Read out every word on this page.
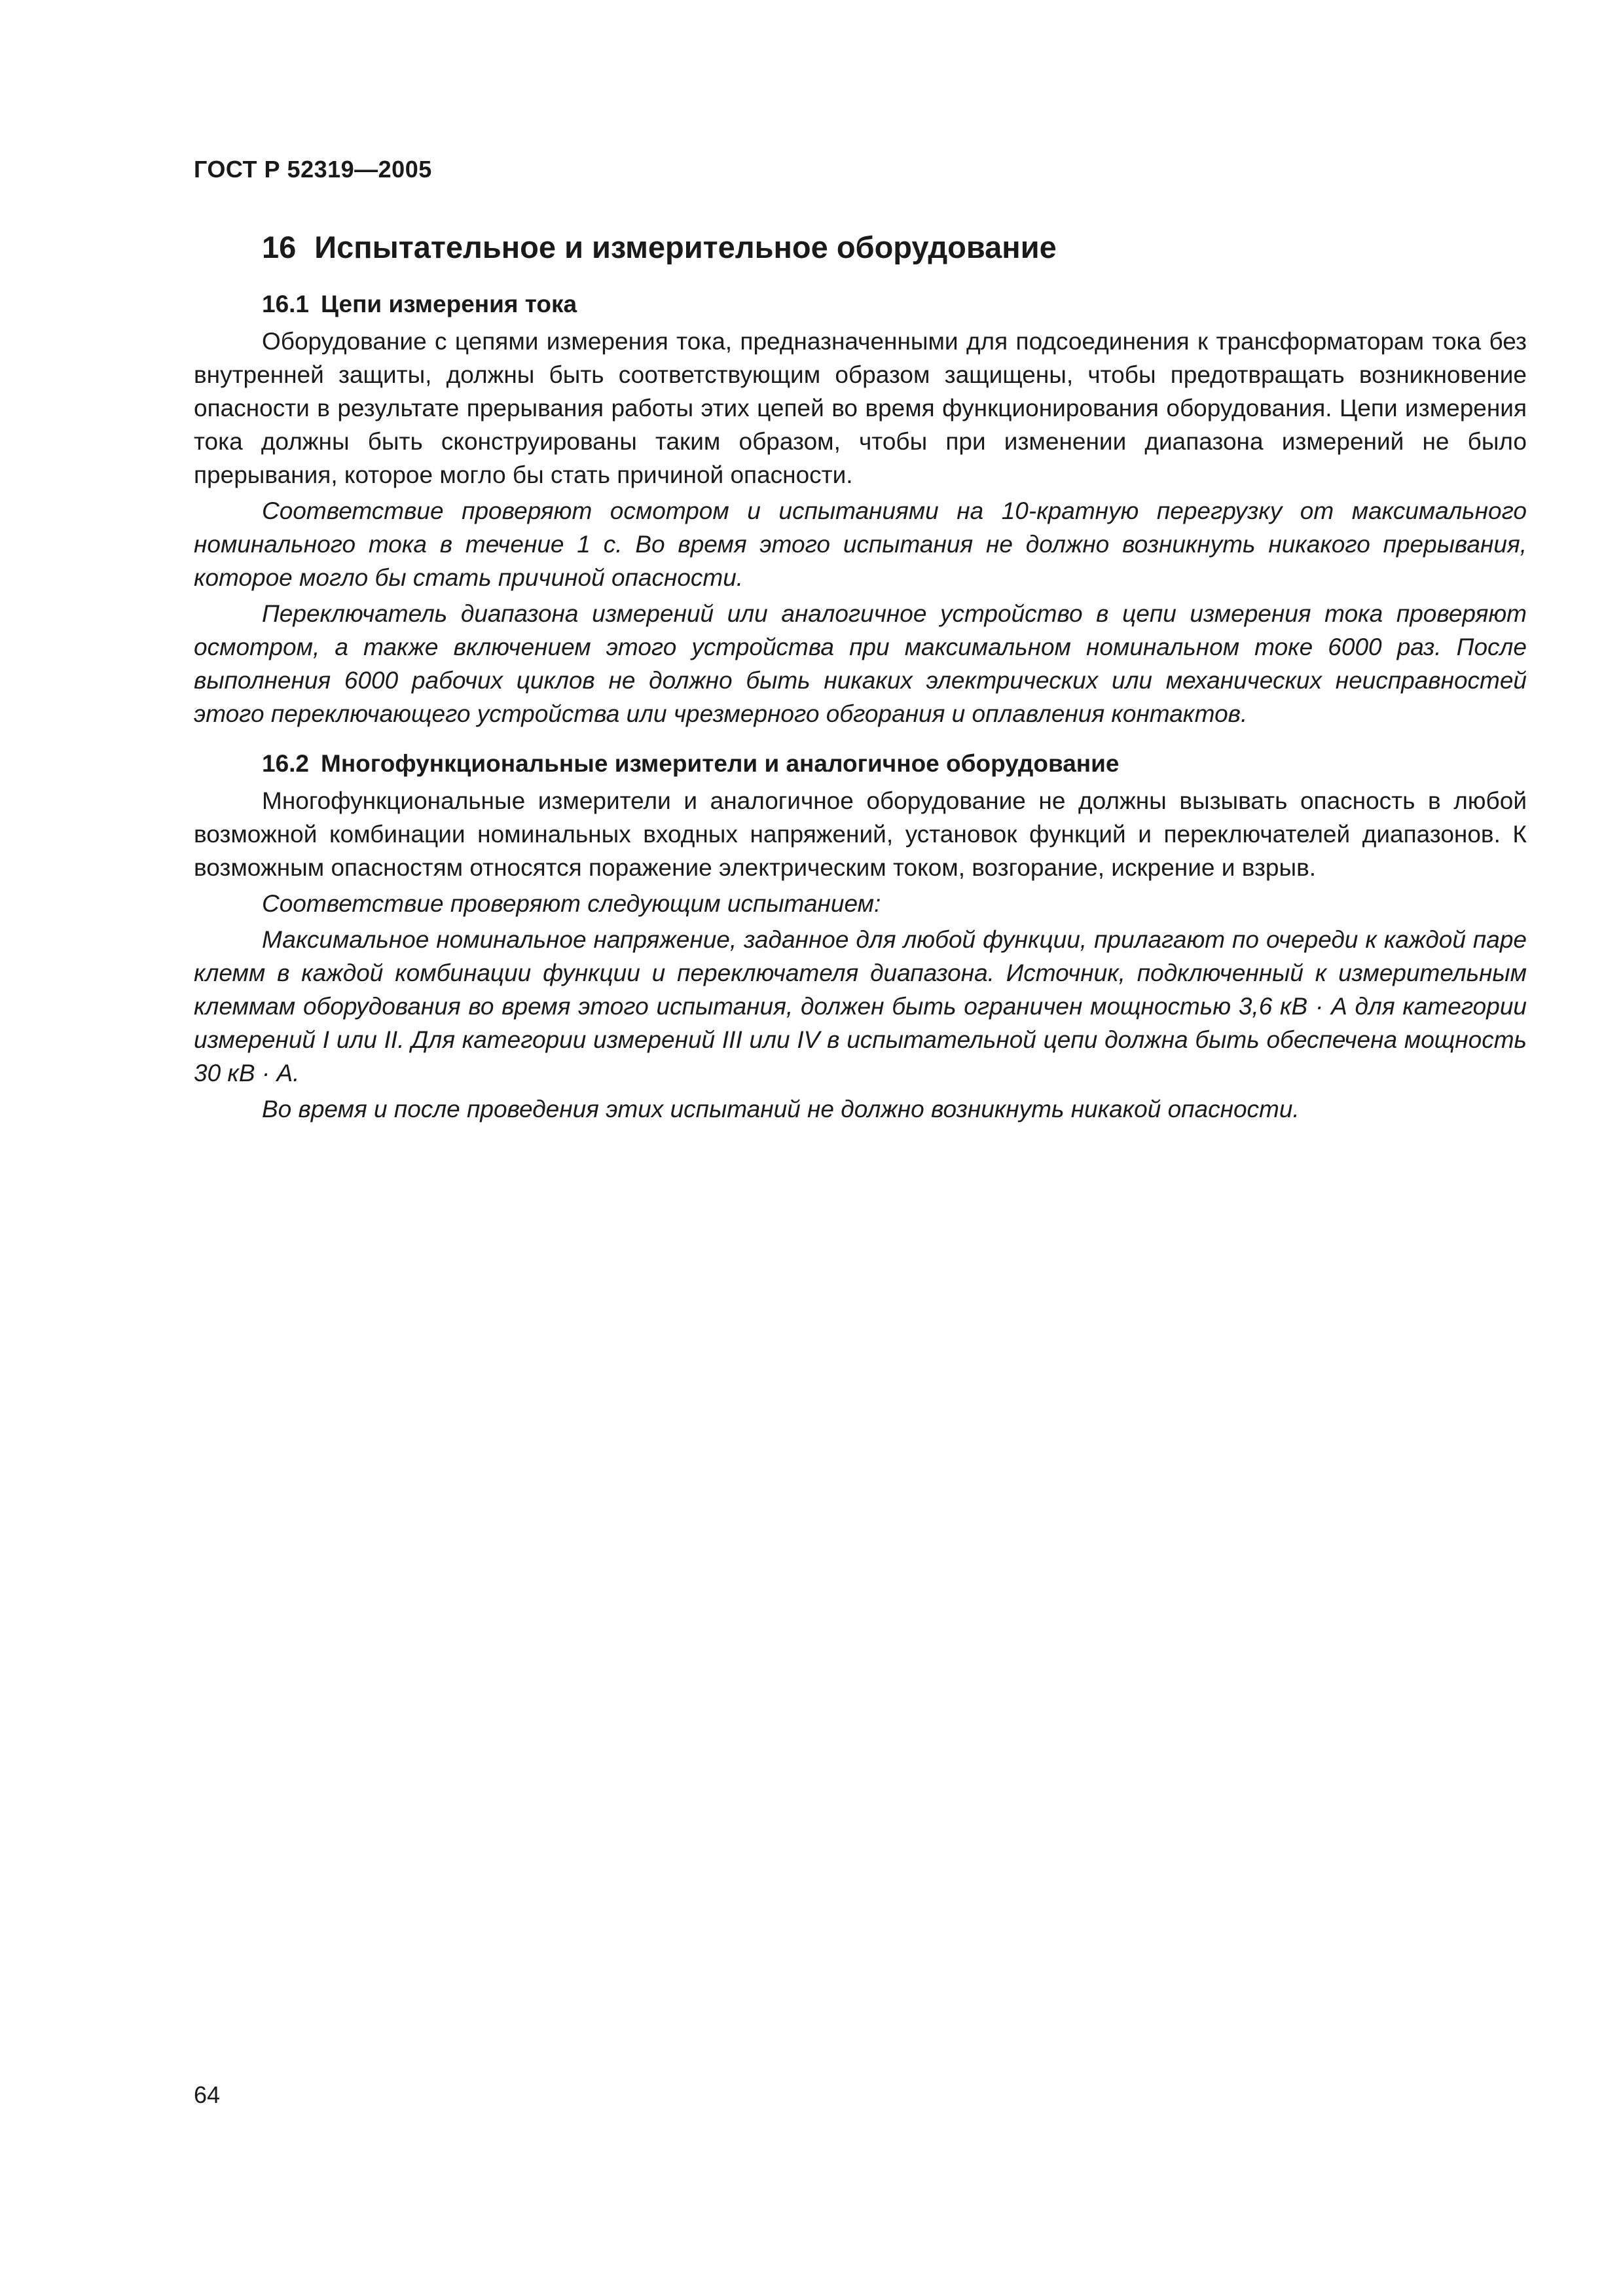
ГОСТ Р 52319—2005

16 Испытательное и измерительное оборудование
16.1 Цепи измерения тока

Оборудование с цепями измерения тока, предназначенными для подсоединения к трансформаторам тока без внутренней защиты, должны быть соответствующим образом защищены, чтобы предотвращать возникновение опасности в результате прерывания работы этих цепей во время функционирования оборудования. Цепи измерения тока должны быть сконструированы таким образом, чтобы при изменении диапазона измерений не было прерывания, которое могло бы стать причиной опасности.

Соответствие проверяют осмотром и испытаниями на 10-кратную перегрузку от максимального номинального тока в течение 1 с. Во время этого испытания не должно возникнуть никакого прерывания, которое могло бы стать причиной опасности.

Переключатель диапазона измерений или аналогичное устройство в цепи измерения тока проверяют осмотром, а также включением этого устройства при максимальном номинальном токе 6000 раз. После выполнения 6000 рабочих циклов не должно быть никаких электрических или механических неисправностей этого переключающего устройства или чрезмерного обгорания и оплавления контактов.

16.2 Многофункциональные измерители и аналогичное оборудование

Многофункциональные измерители и аналогичное оборудование не должны вызывать опасность в любой возможной комбинации номинальных входных напряжений, установок функций и переключателей диапазонов. К возможным опасностям относятся поражение электрическим током, возгорание, искрение и взрыв.

Соответствие проверяют следующим испытанием:

Максимальное номинальное напряжение, заданное для любой функции, прилагают по очереди к каждой паре клемм в каждой комбинации функции и переключателя диапазона. Источник, подключенный к измерительным клеммам оборудования во время этого испытания, должен быть ограничен мощностью 3,6 кВ · А для категории измерений I или II. Для категории измерений III или IV в испытательной цепи должна быть обеспечена мощность 30 кВ · А.

Во время и после проведения этих испытаний не должно возникнуть никакой опасности.

64
